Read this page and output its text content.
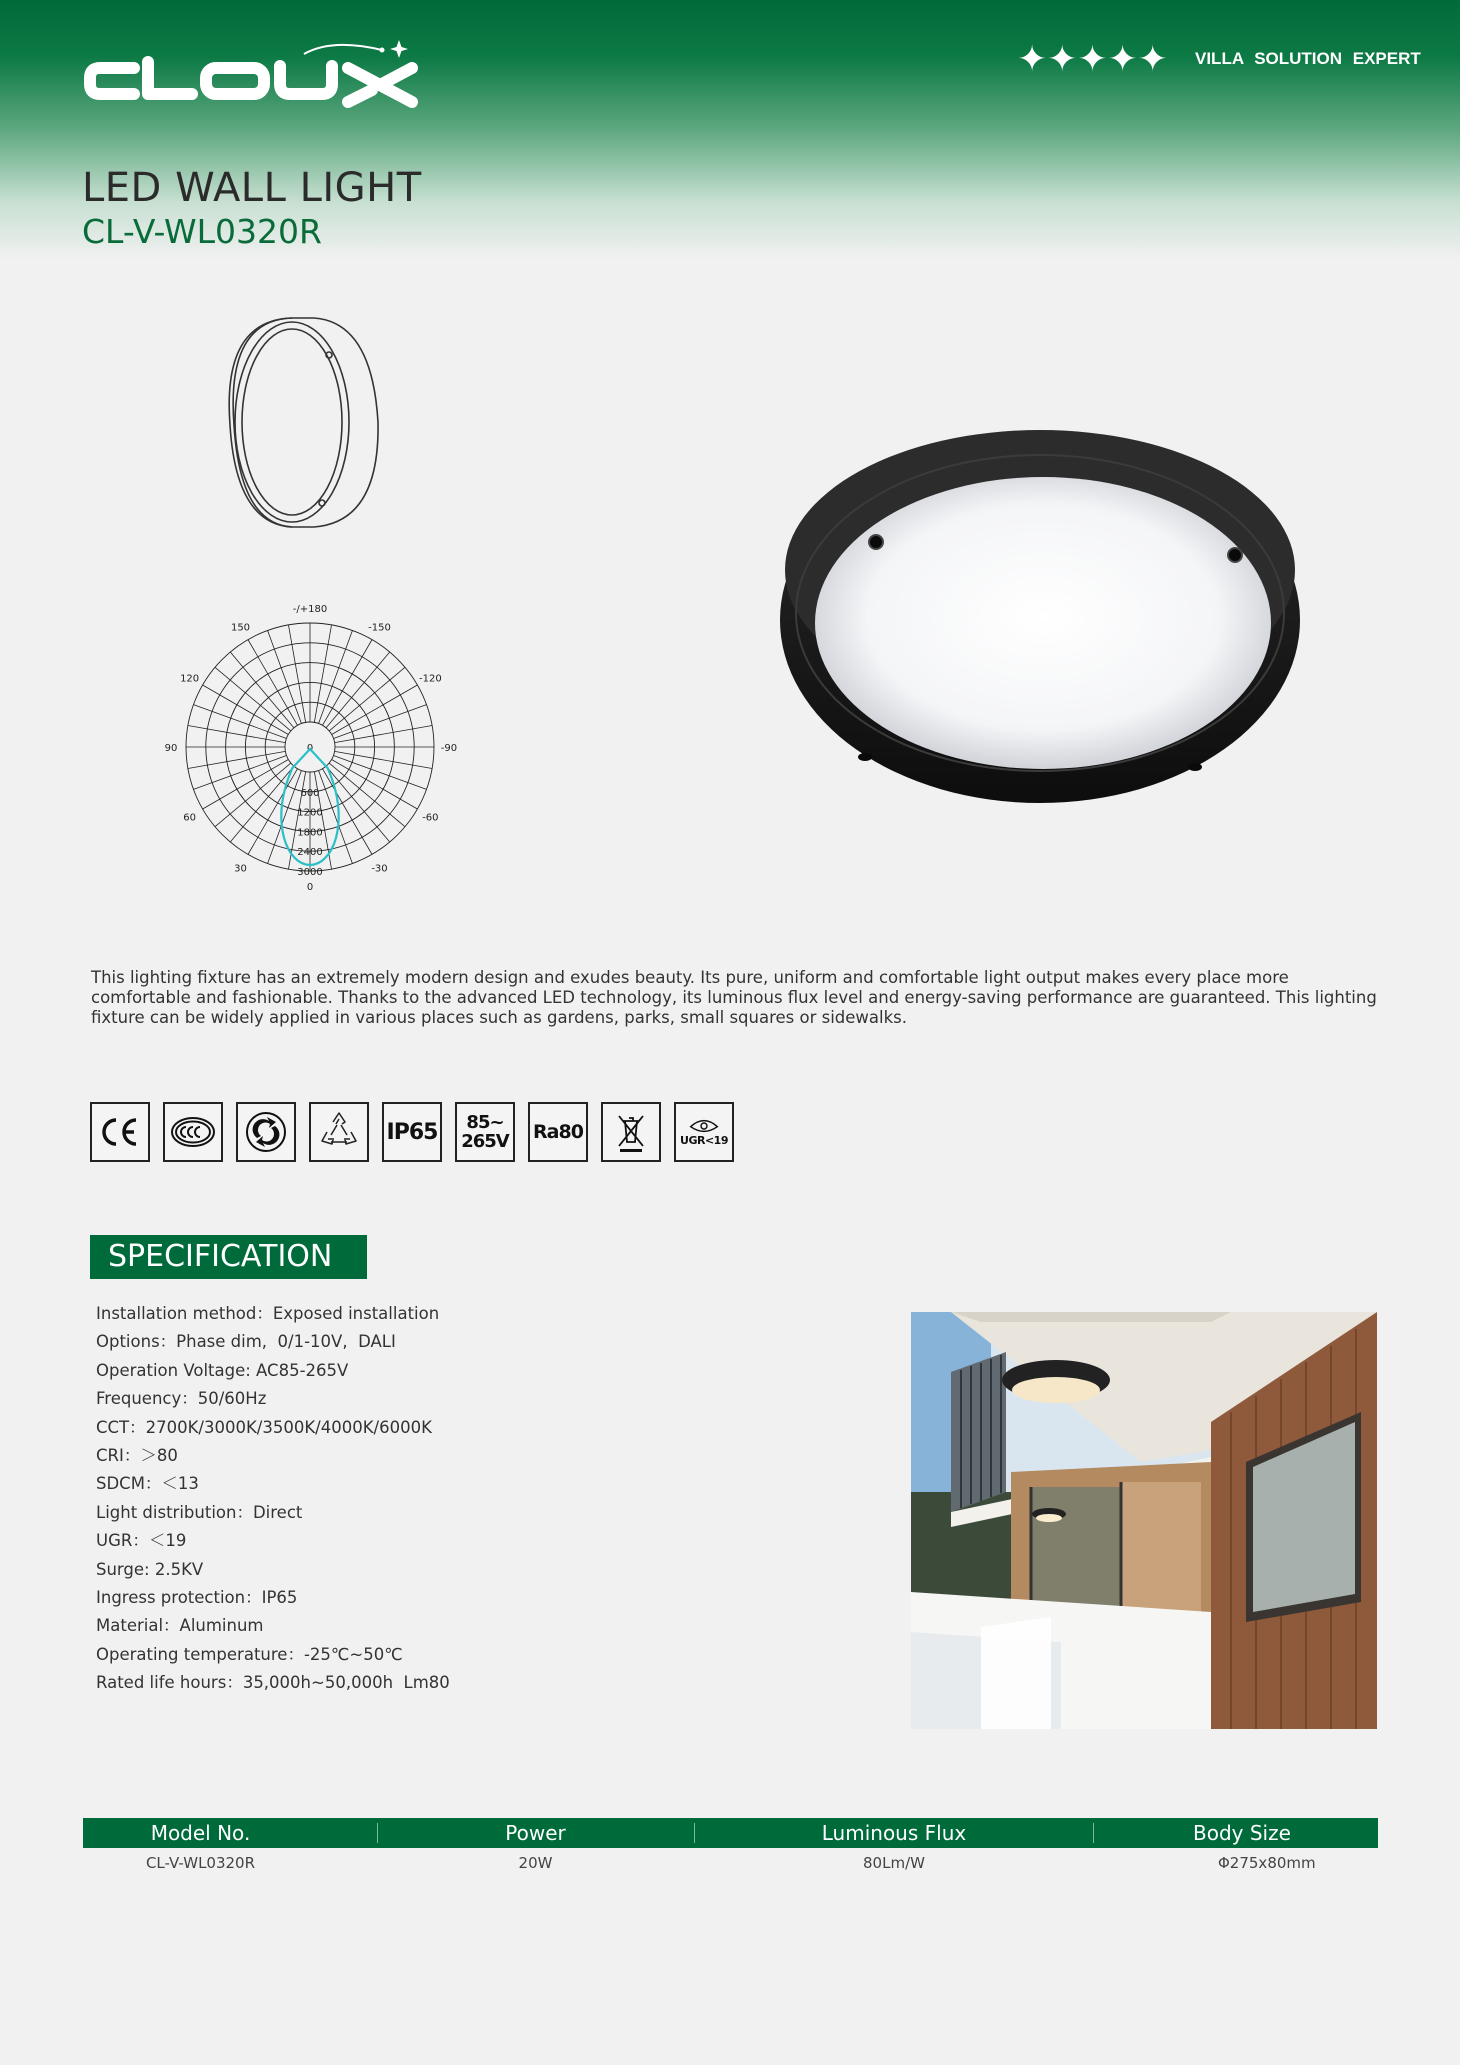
✦✦✦✦✦ VILLA SOLUTION EXPERT
LED WALL LIGHT
CL-V-WL0320R
-/+180
-150
150
-120
120
-90
90
-60
60
-30
30
0
0
600
1200
1800
2400
3000
This lighting fixture has an extremely modern design and exudes beauty. Its pure, uniform and comfortable light output makes every place more comfortable and fashionable. Thanks to the advanced LED technology, its luminous flux level and energy-saving performance are guaranteed. This lighting fixture can be widely applied in various places such as gardens, parks, small squares or sidewalks.
IP65 85~
265V Ra80	UGR<19
SPECIFICATION
Installation method：Exposed installation
Options：Phase dim,  0/1-10V,  DALI
Operation Voltage: AC85-265V
Frequency：50/60Hz
CCT：2700K/3000K/3500K/4000K/6000K
CRI：＞80
SDCM：＜13
Light distribution：Direct
UGR：＜19
Surge: 2.5KV
Ingress protection：IP65
Material：Aluminum
Operating temperature：-25℃~50℃
Rated life hours：35,000h~50,000h  Lm80
Model No.	Power	Luminous Flux	Body Size
CL-V-WL0320R	20W	80Lm/W	Φ275x80mm
